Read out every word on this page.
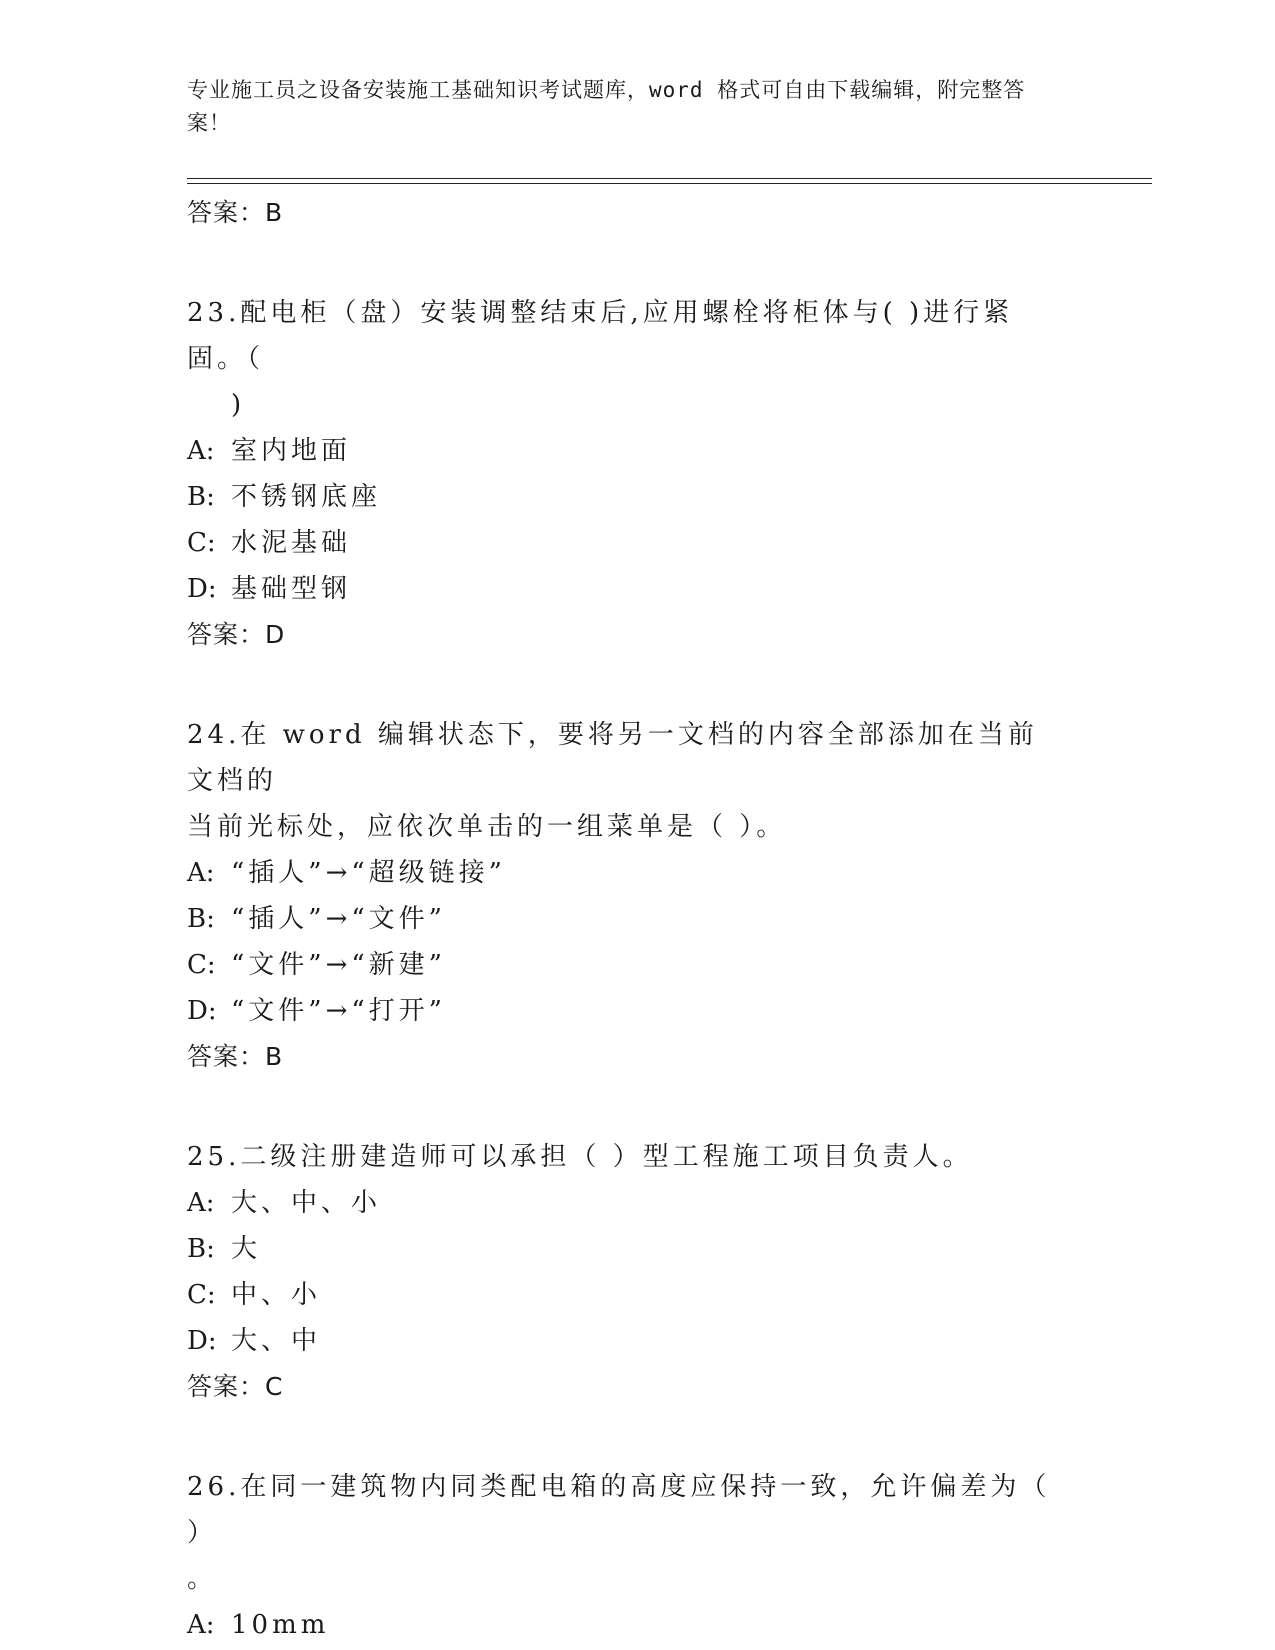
专业施工员之设备安装施工基础知识考试题库，word 格式可自由下载编辑，附完整答案！
答案：B
23.配电柜（盘）安装调整结束后,应用螺栓将柜体与( )进行紧固。（
)
A: 室内地面
B: 不锈钢底座
C: 水泥基础
D: 基础型钢
答案：D
24.在 word 编辑状态下，要将另一文档的内容全部添加在当前文档的
当前光标处，应依次单击的一组菜单是（ ）。
A: “插人”→“超级链接”
B: “插人”→“文件”
C: “文件”→“新建”
D: “文件”→“打开”
答案：B
25.二级注册建造师可以承担（ ）型工程施工项目负责人。
A: 大、中、小
B: 大
C: 中、小
D: 大、中
答案：C
26.在同一建筑物内同类配电箱的高度应保持一致，允许偏差为（ ）
。
A: 10mm
